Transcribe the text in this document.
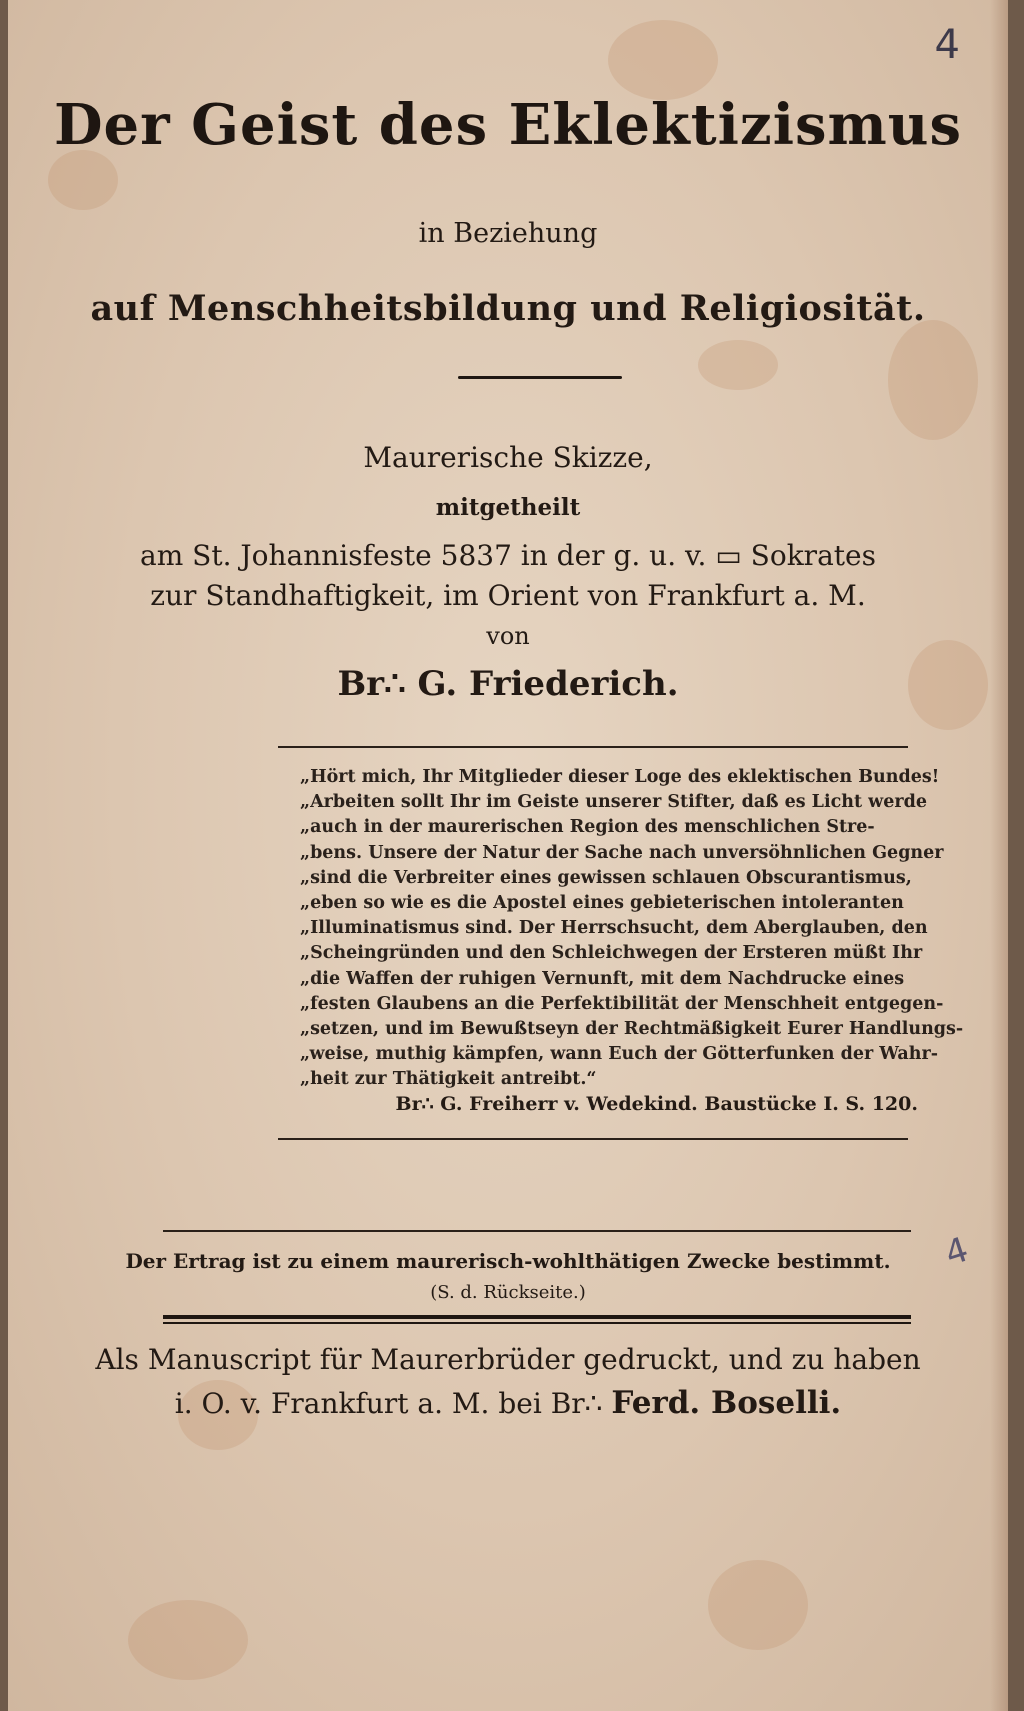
4
Der Geist des Eklektizismus
in Beziehung
auf Menschheitsbildung und Religiosität.
Maurerische Skizze,
mitgetheilt
am St. Johannisfeste 5837 in der g. u. v. ▭ Sokrates
zur Standhaftigkeit, im Orient von Frankfurt a. M.
von
Br∴ G. Friederich.
„Hört mich, Ihr Mitglieder dieser Loge des eklektischen Bundes!
„Arbeiten sollt Ihr im Geiste unserer Stifter, daß es Licht werde
„auch in der maurerischen Region des menschlichen Stre-
„bens. Unsere der Natur der Sache nach unversöhnlichen Gegner
„sind die Verbreiter eines gewissen schlauen Obscurantismus,
„eben so wie es die Apostel eines gebieterischen intoleranten
„Illuminatismus sind. Der Herrschsucht, dem Aberglauben, den
„Scheingründen und den Schleichwegen der Ersteren müßt Ihr
„die Waffen der ruhigen Vernunft, mit dem Nachdrucke eines
„festen Glaubens an die Perfektibilität der Menschheit entgegen-
„setzen, und im Bewußtseyn der Rechtmäßigkeit Eurer Handlungs-
„weise, muthig kämpfen, wann Euch der Götterfunken der Wahr-
„heit zur Thätigkeit antreibt.“
Br∴ G. Freiherr v. Wedekind. Baustücke I. S. 120.
Der Ertrag ist zu einem maurerisch-wohlthätigen Zwecke bestimmt.
(S. d. Rückseite.)
4
Als Manuscript für Maurerbrüder gedruckt, und zu haben
i. O. v. Frankfurt a. M. bei Br∴ Ferd. Boselli.
